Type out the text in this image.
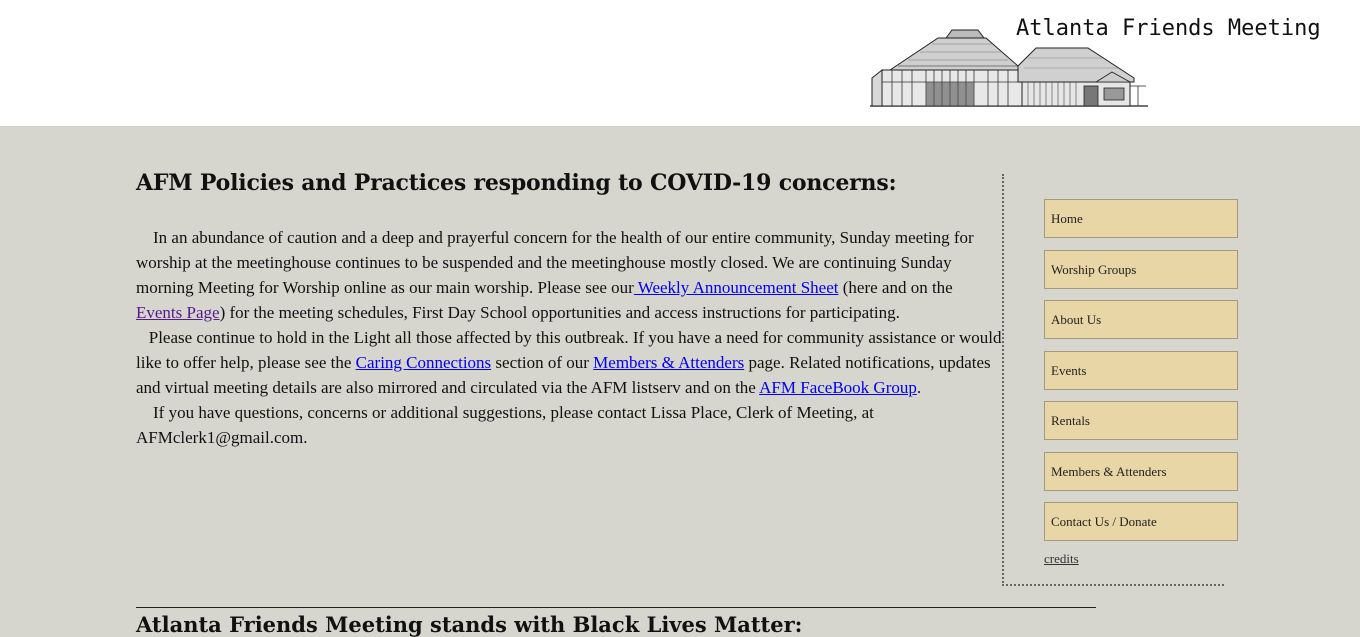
Atlanta Friends Meeting
AFM Policies and Practices responding to COVID-19 concerns:

In an abundance of caution and a deep and prayerful concern for the health of our entire community, Sunday meeting for worship at the meetinghouse continues to be suspended and the meetinghouse mostly closed. We are continuing Sunday morning Meeting for Worship online as our main worship. Please see our Weekly Announcement Sheet (here and on the Events Page) for the meeting schedules, First Day School opportunities and access instructions for participating.

Please continue to hold in the Light all those affected by this outbreak. If you have a need for community assistance or would like to offer help, please see the Caring Connections section of our Members & Attenders page. Related notifications, updates and virtual meeting details are also mirrored and circulated via the AFM listserv and on the AFM FaceBook Group.

If you have questions, concerns or additional suggestions, please contact Lissa Place, Clerk of Meeting, at AFMclerk1@gmail.com.

Home
Worship Groups
About Us
Events
Rentals
Members & Attenders
Contact Us / Donate
credits
Atlanta Friends Meeting stands with Black Lives Matter:
